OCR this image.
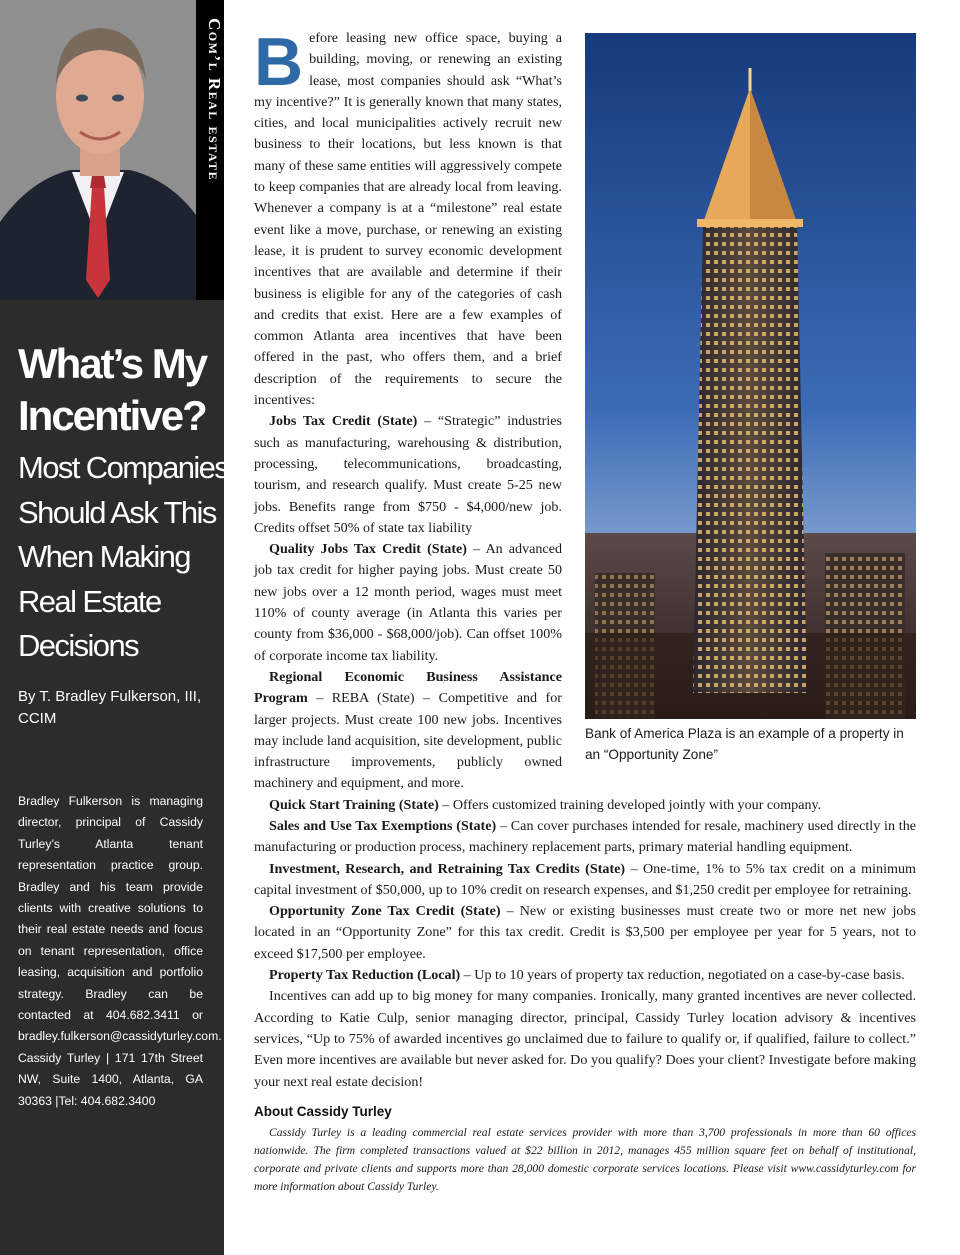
Com’l Real estate
What’s My
Incentive?
Most Companies
Should Ask This
When Making
Real Estate
Decisions
By T. Bradley Fulkerson, III,
CCIM
Bradley Fulkerson is managing director, principal of Cassidy Turley’s Atlanta tenant representation practice group. Bradley and his team provide clients with creative solutions to their real estate needs and focus on tenant representation, office leasing, acquisition and portfolio strategy. Bradley can be contacted at 404.682.3411 or bradley.fulkerson@cassidyturley.com. Cassidy Turley | 171 17th Street NW, Suite 1400, Atlanta, GA 30363 |Tel: 404.682.3400

B efore leasing new office space, buying a building, moving, or renewing an existing lease, most companies should ask “What’s my incentive?” It is generally known that many states, cities, and local municipalities actively recruit new business to their locations, but less known is that many of these same entities will aggressively compete to keep companies that are already local from leaving. Whenever a company is at a “milestone” real estate event like a move, purchase, or renewing an existing lease, it is prudent to survey economic development incentives that are available and determine if their business is eligible for any of the categories of cash and credits that exist. Here are a few examples of common Atlanta area incentives that have been offered in the past, who offers them, and a brief description of the requirements to secure the incentives:

Jobs Tax Credit (State) – “Strategic” industries such as manufacturing, warehousing & distribution, processing, telecommunications, broadcasting, tourism, and research qualify. Must create 5-25 new jobs. Benefits range from $750 - $4,000/new job. Credits offset 50% of state tax liability

Quality Jobs Tax Credit (State) – An advanced job tax credit for higher paying jobs. Must create 50 new jobs over a 12 month period, wages must meet 110% of county average (in Atlanta this varies per county from $36,000 - $68,000/job). Can offset 100% of corporate income tax liability.

Regional Economic Business Assistance Program – REBA (State) – Competitive and for larger projects. Must create 100 new jobs. Incentives may include land acquisition, site development, public infrastructure improvements, publicly owned machinery and equipment, and more.

Quick Start Training (State) – Offers customized training developed jointly with your company.

Sales and Use Tax Exemptions (State) – Can cover purchases intended for resale, machinery used directly in the manufacturing or production process, machinery replacement parts, primary material handling equipment.

Investment, Research, and Retraining Tax Credits (State) – One-time, 1% to 5% tax credit on a minimum capital investment of $50,000, up to 10% credit on research expenses, and $1,250 credit per employee for retraining.

Opportunity Zone Tax Credit (State) – New or existing businesses must create two or more net new jobs located in an “Opportunity Zone” for this tax credit. Credit is $3,500 per employee per year for 5 years, not to exceed $17,500 per employee.

Property Tax Reduction (Local) – Up to 10 years of property tax reduction, negotiated on a case-by-case basis.

Incentives can add up to big money for many companies. Ironically, many granted incentives are never collected. According to Katie Culp, senior managing director, principal, Cassidy Turley location advisory & incentives services, “Up to 75% of awarded incentives go unclaimed due to failure to qualify or, if qualified, failure to collect.” Even more incentives are available but never asked for. Do you qualify? Does your client? Investigate before making your next real estate decision!

Bank of America Plaza is an example of a property in an “Opportunity Zone”
About Cassidy Turley
Cassidy Turley is a leading commercial real estate services provider with more than 3,700 professionals in more than 60 offices nationwide. The firm completed transactions valued at $22 billion in 2012, manages 455 million square feet on behalf of institutional, corporate and private clients and supports more than 28,000 domestic corporate services locations. Please visit www.cassidyturley.com for more information about Cassidy Turley.
